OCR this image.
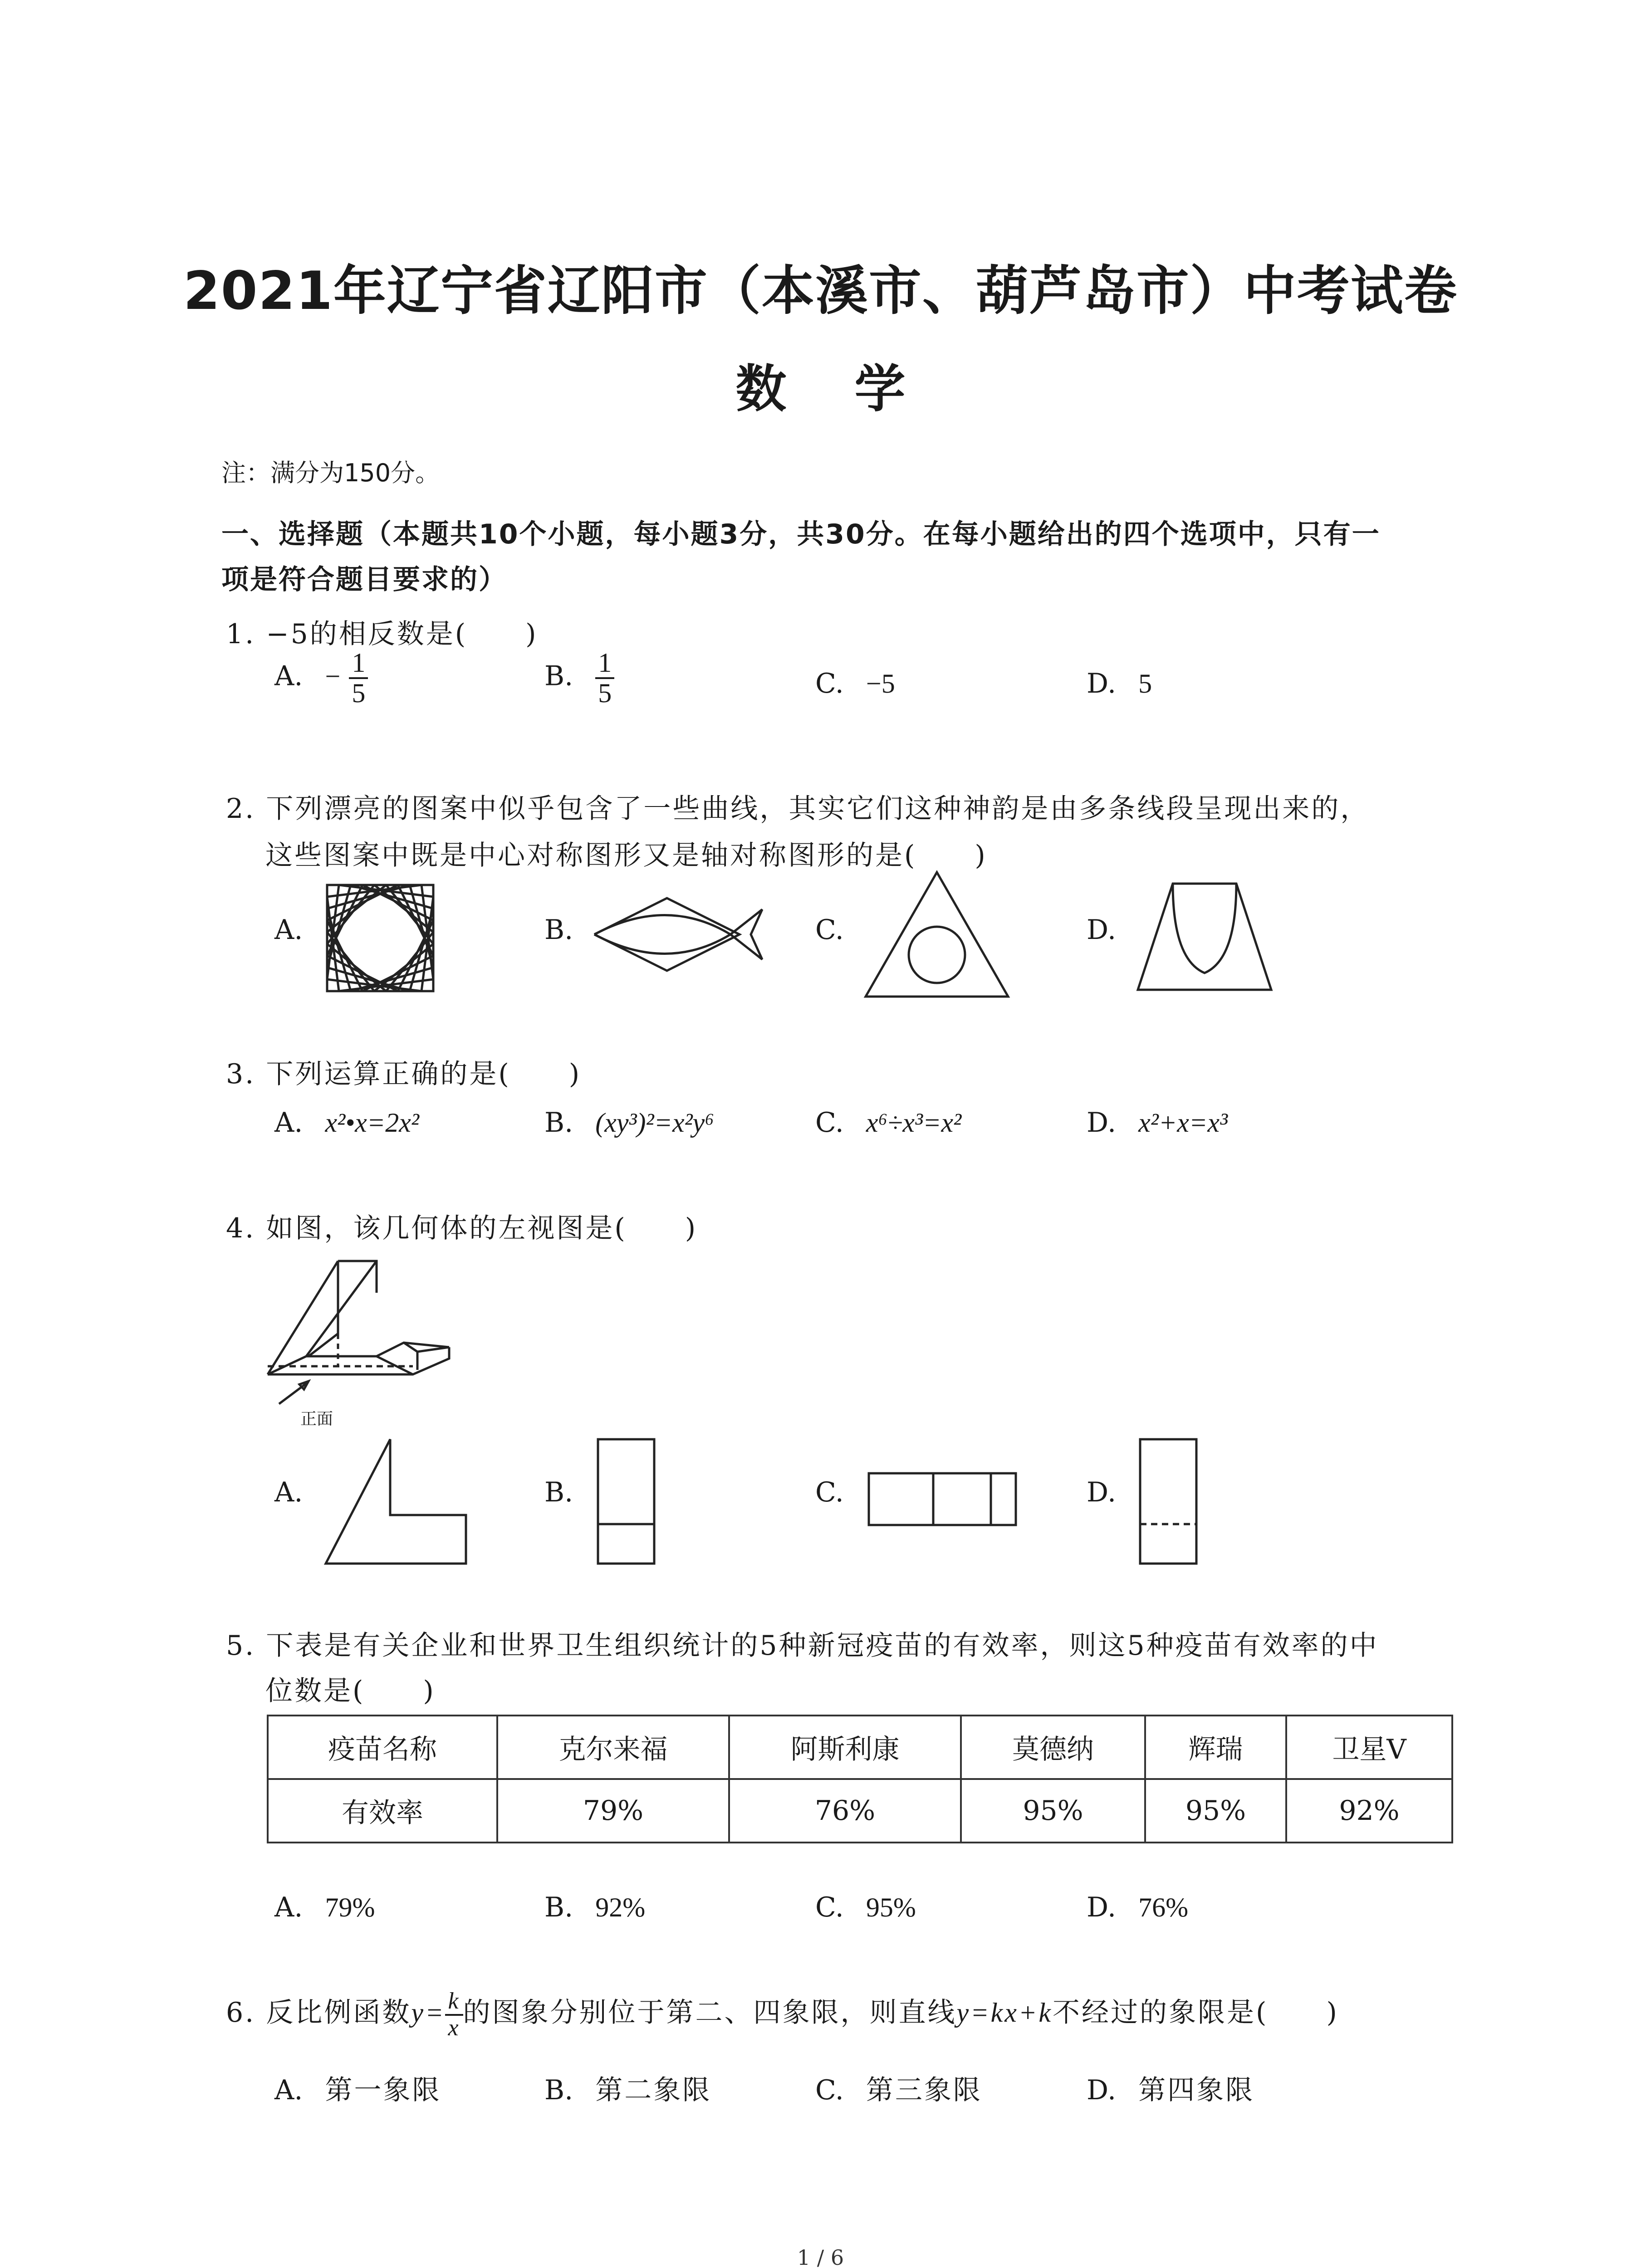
2021年辽宁省辽阳市（本溪市、葫芦岛市）中考试卷
数学
注：满分为150分。
一、选择题（本题共10个小题，每小题3分，共30分。在每小题给出的四个选项中，只有一
项是符合题目要求的）
1. −5的相反数是(　　)
A. − $\frac{1}{5}$	B. $\frac{1}{5}$	C. −5	D. 5
2. 下列漂亮的图案中似乎包含了一些曲线，其实它们这种神韵是由多条线段呈现出来的，
这些图案中既是中心对称图形又是轴对称图形的是(　　)
A.	B.	C.	D.
3. 下列运算正确的是(　　)
A. x²•x=2x²	B. (xy³)²=x²y⁶	C. x⁶÷x³=x²	D. x²+x=x³
4. 如图，该几何体的左视图是(　　)
正面
A.	B.	C.	D.
5. 下表是有关企业和世界卫生组织统计的5种新冠疫苗的有效率，则这5种疫苗有效率的中
位数是(　　)
疫苗名称	克尔来福	阿斯利康	莫德纳	辉瑞	卫星V
有效率	79%	76%	95%	95%	92%
A. 79%	B. 92%	C. 95%	D. 76%
6. 反比例函数$y= \frac{k}{x}$ 的图象分别位于第二、四象限，则直线y=kx+k不经过的象限是(　　)
A. 第一象限	B. 第二象限	C. 第三象限	D. 第四象限
1 / 6
